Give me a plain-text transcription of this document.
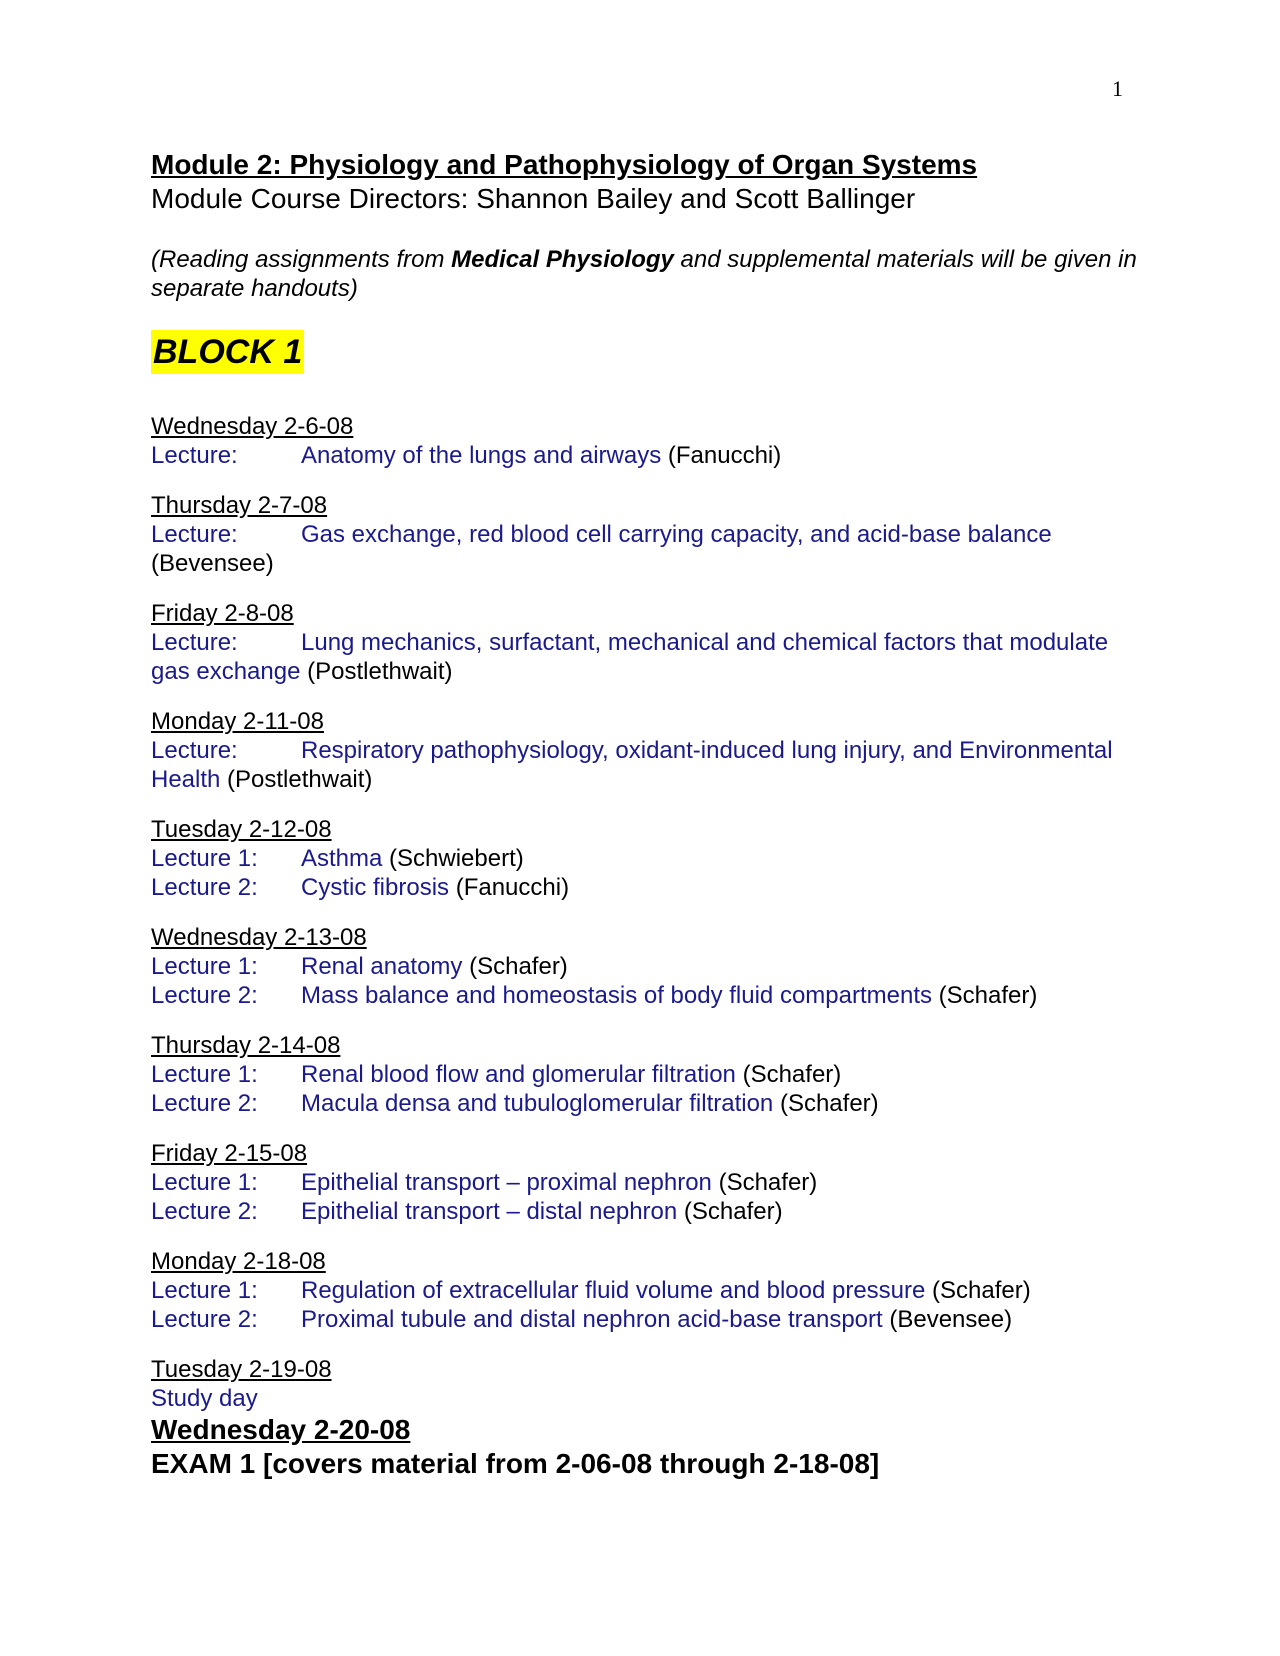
1
Module 2: Physiology and Pathophysiology of Organ Systems
Module Course Directors: Shannon Bailey and Scott Ballinger
(Reading assignments from Medical Physiology and supplemental materials will be given in separate handouts)
BLOCK 1
Wednesday 2-6-08
Lecture:	Anatomy of the lungs and airways (Fanucchi)
Thursday 2-7-08
Lecture:	Gas exchange, red blood cell carrying capacity, and acid-base balance (Bevensee)
Friday 2-8-08
Lecture:	Lung mechanics, surfactant, mechanical and chemical factors that modulate gas exchange (Postlethwait)
Monday 2-11-08
Lecture:	Respiratory pathophysiology, oxidant-induced lung injury, and Environmental Health (Postlethwait)
Tuesday 2-12-08
Lecture 1: Asthma (Schwiebert)
Lecture 2: Cystic fibrosis (Fanucchi)
Wednesday 2-13-08
Lecture 1: Renal anatomy (Schafer)
Lecture 2: Mass balance and homeostasis of body fluid compartments (Schafer)
Thursday 2-14-08
Lecture 1: Renal blood flow and glomerular filtration (Schafer)
Lecture 2: Macula densa and tubuloglomerular filtration (Schafer)
Friday 2-15-08
Lecture 1: Epithelial transport – proximal nephron (Schafer)
Lecture 2: Epithelial transport – distal nephron (Schafer)
Monday 2-18-08
Lecture 1: Regulation of extracellular fluid volume and blood pressure (Schafer)
Lecture 2: Proximal tubule and distal nephron acid-base transport (Bevensee)
Tuesday 2-19-08
Study day
Wednesday 2-20-08
EXAM 1 [covers material from 2-06-08 through 2-18-08]
